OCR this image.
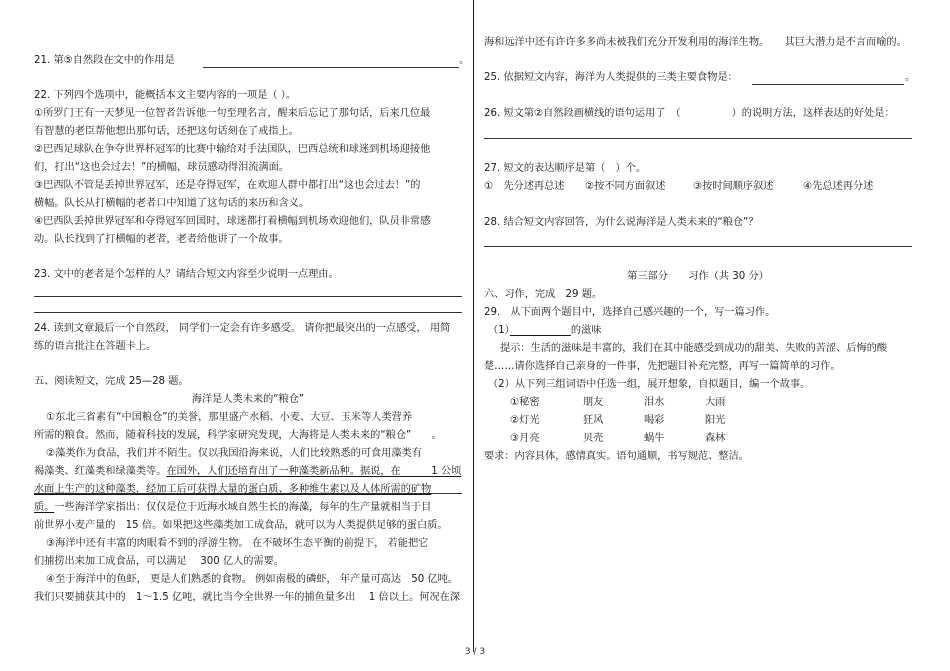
21. 第⑤自然段在文中的作用是	。
22. 下列四个选项中，能概括本文主要内容的一项是（ ）。
①所罗门王有一天梦见一位智者告诉他一句至理名言，醒来后忘记了那句话，后来几位最
有智慧的老臣帮他想出那句话，还把这句话刻在了戒指上。
②巴西足球队在争夺世界杯冠军的比赛中输给对手法国队，巴西总统和球迷到机场迎接他
们，打出“这也会过去！”的横幅，球员感动得泪流满面。
③巴西队不管是丢掉世界冠军，还是夺得冠军，在欢迎人群中都打出“这也会过去！”的
横幅。队长从打横幅的老者口中知道了这句话的来历和含义。
④巴西队丢掉世界冠军和夺得冠军回国时，球迷都打着横幅到机场欢迎他们，队员非常感
动。队长找到了打横幅的老者，老者给他讲了一个故事。
23. 文中的老者是个怎样的人？请结合短文内容至少说明一点理由。
24. 读到文章最后一个自然段， 同学们一定会有许多感受。 请你把最突出的一点感受， 用简
练的语言批注在答题卡上。
五、阅读短文，完成 25—28 题。
海洋是人类未来的“粮仓”
①东北三省素有“中国粮仓”的美誉，那里盛产水稻、小麦、大豆、玉米等人类营养
所需的粮食。然而，随着科技的发展，科学家研究发现，大海将是人类未来的“粮仓”　　。
②藻类作为食品，我们并不陌生。仅以我国沿海来说，人们比较熟悉的可食用藻类有
褐藻类、红藻类和绿藻类等。在国外，人们还培育出了一种藻类新品种。据说，在　　　1 公顷
水面上生产的这种藻类，经加工后可获得大量的蛋白质、多种维生素以及人体所需的矿物
质。一些海洋学家指出：仅仅是位于近海水域自然生长的海藻，每年的生产量就相当于目
前世界小麦产量的　15 倍。如果把这些藻类加工成食品，就可以为人类提供足够的蛋白质。
③海洋中还有丰富的肉眼看不到的浮游生物。 在不破坏生态平衡的前提下， 若能把它
们捕捞出来加工成食品，可以满足　 300 亿人的需要。
④至于海洋中的鱼虾， 更是人们熟悉的食物。 例如南极的磷虾， 年产量可高达　50 亿吨。
我们只要捕获其中的　1～1.5 亿吨，就比当今全世界一年的捕鱼量多出　 1 倍以上。何况在深
海和远洋中还有许许多多尚未被我们充分开发利用的海洋生物。　　其巨大潜力是不言而喻的。
25. 依据短文内容，海洋为人类提供的三类主要食物是：	。
26. 短文第②自然段画横线的语句运用了　（　　　　　）的说明方法，这样表达的好处是：
27. 短文的表达顺序是第（　）个。
①　先分述再总述 ②按不同方面叙述	③按时间顺序叙述	④先总述再分述
28. 结合短文内容回答，为什么说海洋是人类未来的“粮仓”？
第三部分　　习作（共 30 分）
六、习作，完成　29 题。
29.　从下面两个题目中，选择自己感兴趣的一个，写一篇习作。
（1）　　　　　　	的滋味
提示：生活的滋味是丰富的，我们在其中能感受到成功的甜美、失败的苦涩、后悔的酸
楚……请你选择自己亲身的一件事，先把题目补充完整，再写一篇简单的习作。
（2）从下列三组词语中任选一组，展开想象，自拟题目，编一个故事。
①秘密	朋友	泪水	大雨
②灯光	狂风	喝彩	阳光
③月亮	贝壳	蜗牛	森林
要求：内容具体，感情真实。语句通顺，书写规范、整洁。
3 / 3
